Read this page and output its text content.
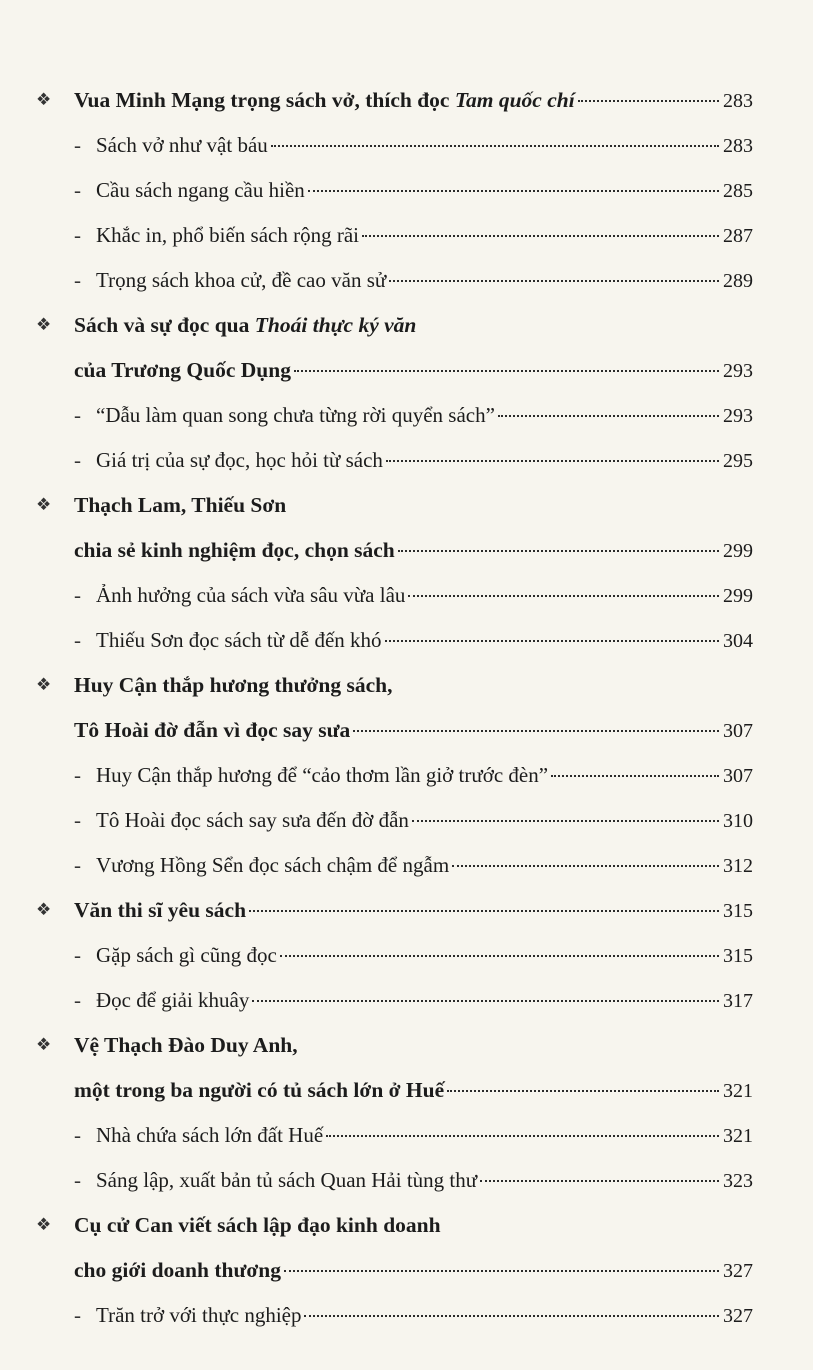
❖ Vua Minh Mạng trọng sách vở, thích đọc Tam quốc chí	283
- Sách vở như vật báu	283
- Cầu sách ngang cầu hiền	285
- Khắc in, phổ biến sách rộng rãi	287
- Trọng sách khoa cử, đề cao văn sử	289
❖ Sách và sự đọc qua Thoái thực ký văn
của Trương Quốc Dụng	293
- “Dẫu làm quan song chưa từng rời quyển sách”	293
- Giá trị của sự đọc, học hỏi từ sách	295
❖ Thạch Lam, Thiếu Sơn
chia sẻ kinh nghiệm đọc, chọn sách	299
- Ảnh hưởng của sách vừa sâu vừa lâu	299
- Thiếu Sơn đọc sách từ dễ đến khó	304
❖ Huy Cận thắp hương thưởng sách,
Tô Hoài đờ đẫn vì đọc say sưa	307
- Huy Cận thắp hương để “cảo thơm lần giở trước đèn”	307
- Tô Hoài đọc sách say sưa đến đờ đẫn	310
- Vương Hồng Sển đọc sách chậm để ngẫm	312
❖ Văn thi sĩ yêu sách	315
- Gặp sách gì cũng đọc	315
- Đọc để giải khuây	317
❖ Vệ Thạch Đào Duy Anh,
một trong ba người có tủ sách lớn ở Huế	321
- Nhà chứa sách lớn đất Huế	321
- Sáng lập, xuất bản tủ sách Quan Hải tùng thư	323
❖ Cụ cử Can viết sách lập đạo kinh doanh
cho giới doanh thương	327
- Trăn trở với thực nghiệp	327
